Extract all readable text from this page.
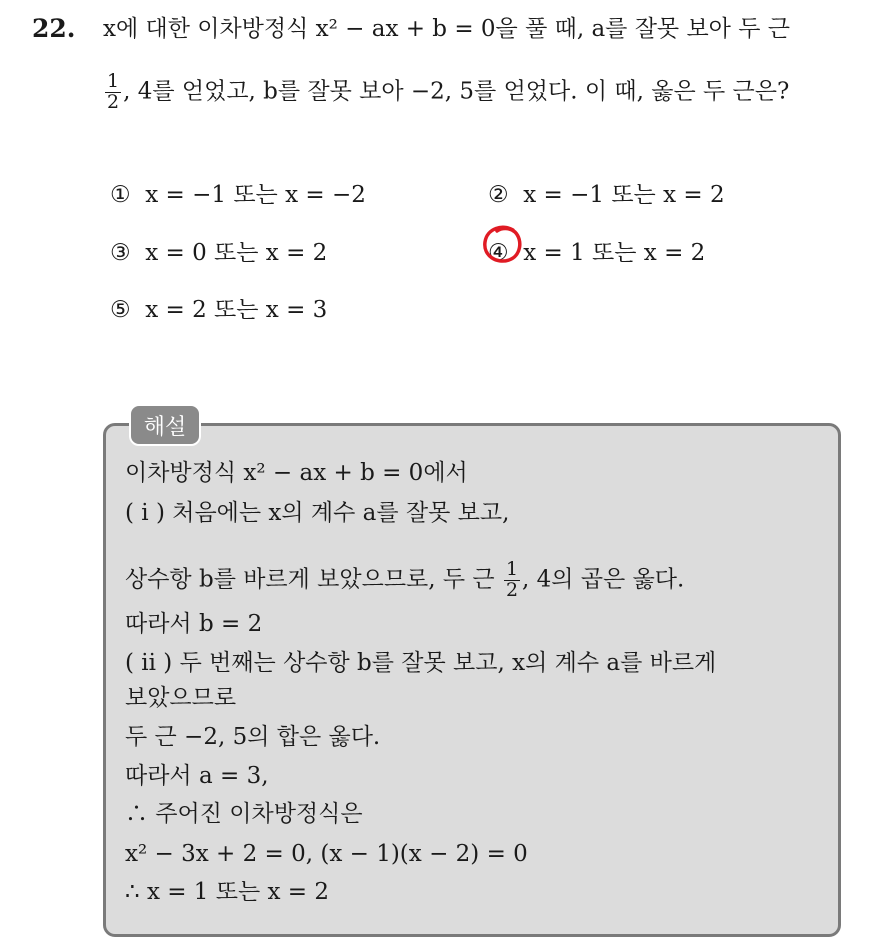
22. x에 대한 이차방정식 x² − ax + b = 0을 풀 때, a를 잘못 보아 두 근
$\frac{1}{2}$ , 4를 얻었고, b를 잘못 보아 −2, 5를 얻었다. 이 때, 옳은 두 근은?
① x = −1 또는 x = −2	② x = −1 또는 x = 2
③ x = 0 또는 x = 2	④ x = 1 또는 x = 2
⑤ x = 2 또는 x = 3
해설
이차방정식 x² − ax + b = 0에서
( i ) 처음에는 x의 계수 a를 잘못 보고,
상수항 b를 바르게 보았으므로, 두 근 $\frac{1}{2}$ , 4의 곱은 옳다.
따라서 b = 2
( ii ) 두 번째는 상수항 b를 잘못 보고, x의 계수 a를 바르게
보았으므로
두 근 −2, 5의 합은 옳다.
따라서 a = 3,
∴ 주어진 이차방정식은
x² − 3x + 2 = 0, (x − 1)(x − 2) = 0
∴ x = 1 또는 x = 2
